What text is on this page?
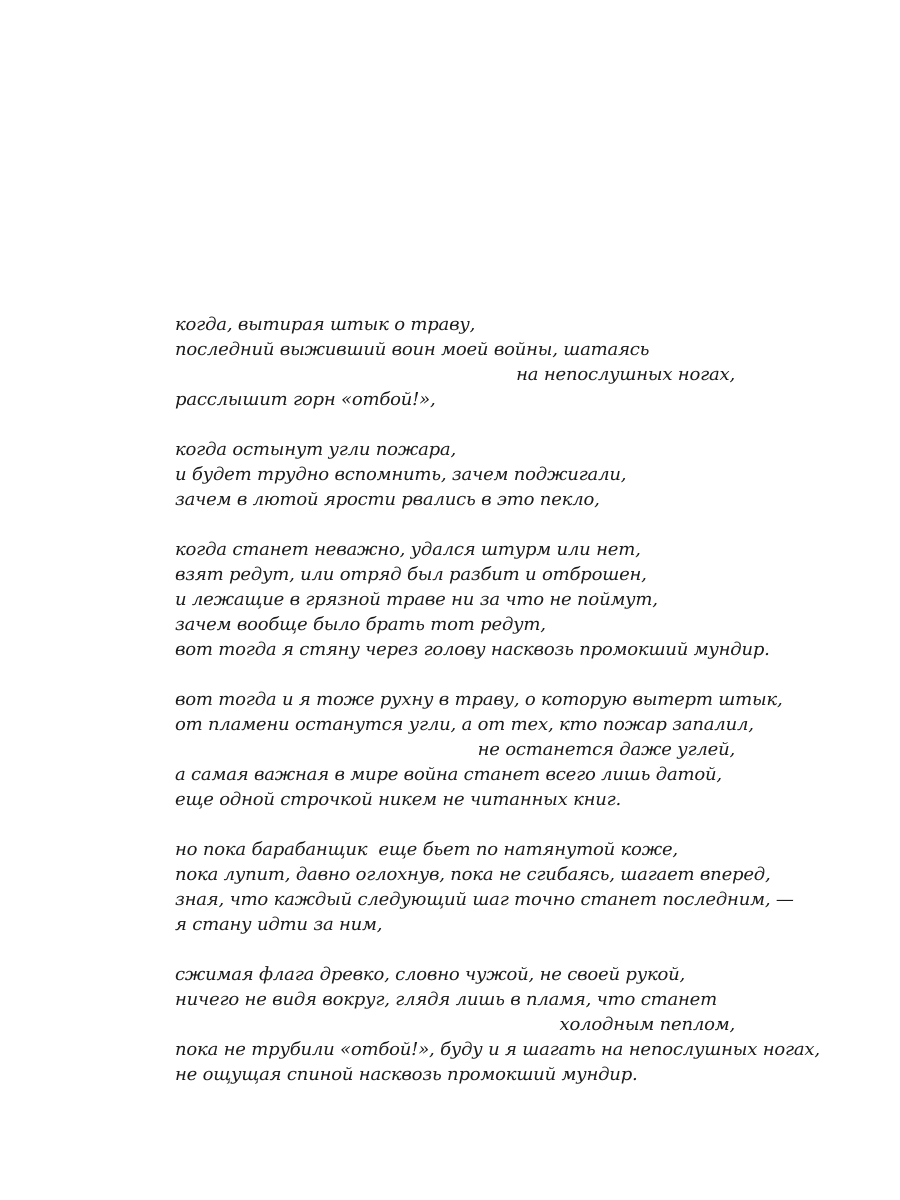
когда, вытирая штык о траву,
последний выживший воин моей войны, шатаясь
на непослушных ногах,
расслышит горн «отбой!»,
когда остынут угли пожара,
и будет трудно вспомнить, зачем поджигали,
зачем в лютой ярости рвались в это пекло,
когда станет неважно, удался штурм или нет,
взят редут, или отряд был разбит и отброшен,
и лежащие в грязной траве ни за что не поймут,
зачем вообще было брать тот редут,
вот тогда я стяну через голову насквозь промокший мундир.
вот тогда и я тоже рухну в траву, о которую вытерт штык,
от пламени останутся угли, а от тех, кто пожар запалил,
не останется даже углей,
а самая важная в мире война станет всего лишь датой,
еще одной строчкой никем не читанных книг.
но пока барабанщик  еще бьет по натянутой коже,
пока лупит, давно оглохнув, пока не сгибаясь, шагает вперед,
зная, что каждый следующий шаг точно станет последним, —
я стану идти за ним,
сжимая флага древко, словно чужой, не своей рукой,
ничего не видя вокруг, глядя лишь в пламя, что станет
холодным пеплом,
пока не трубили «отбой!», буду и я шагать на непослушных ногах,
не ощущая спиной насквозь промокший мундир.
